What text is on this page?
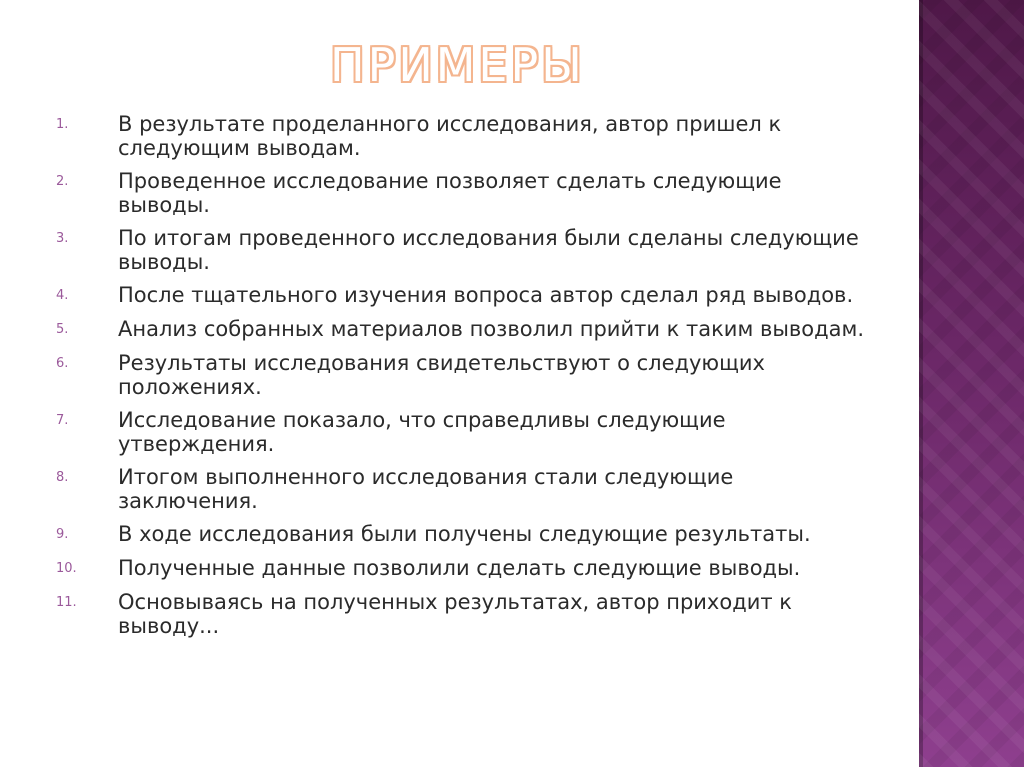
ПРИМЕРЫ
1.	В результате проделанного исследования, автор пришел к следующим выводам.
2.	Проведенное исследование позволяет сделать следующие выводы.
3.	По итогам проведенного исследования были сделаны следующие выводы.
4.	После тщательного изучения вопроса автор сделал ряд выводов.
5.	Анализ собранных материалов позволил прийти к таким выводам.
6.	Результаты исследования свидетельствуют о следующих положениях.
7.	Исследование показало, что справедливы следующие утверждения.
8.	Итогом выполненного исследования стали следующие заключения.
9.	В ходе исследования были получены следующие результаты.
10.	Полученные данные позволили сделать следующие выводы.
11.	Основываясь на полученных результатах, автор приходит к выводу...
